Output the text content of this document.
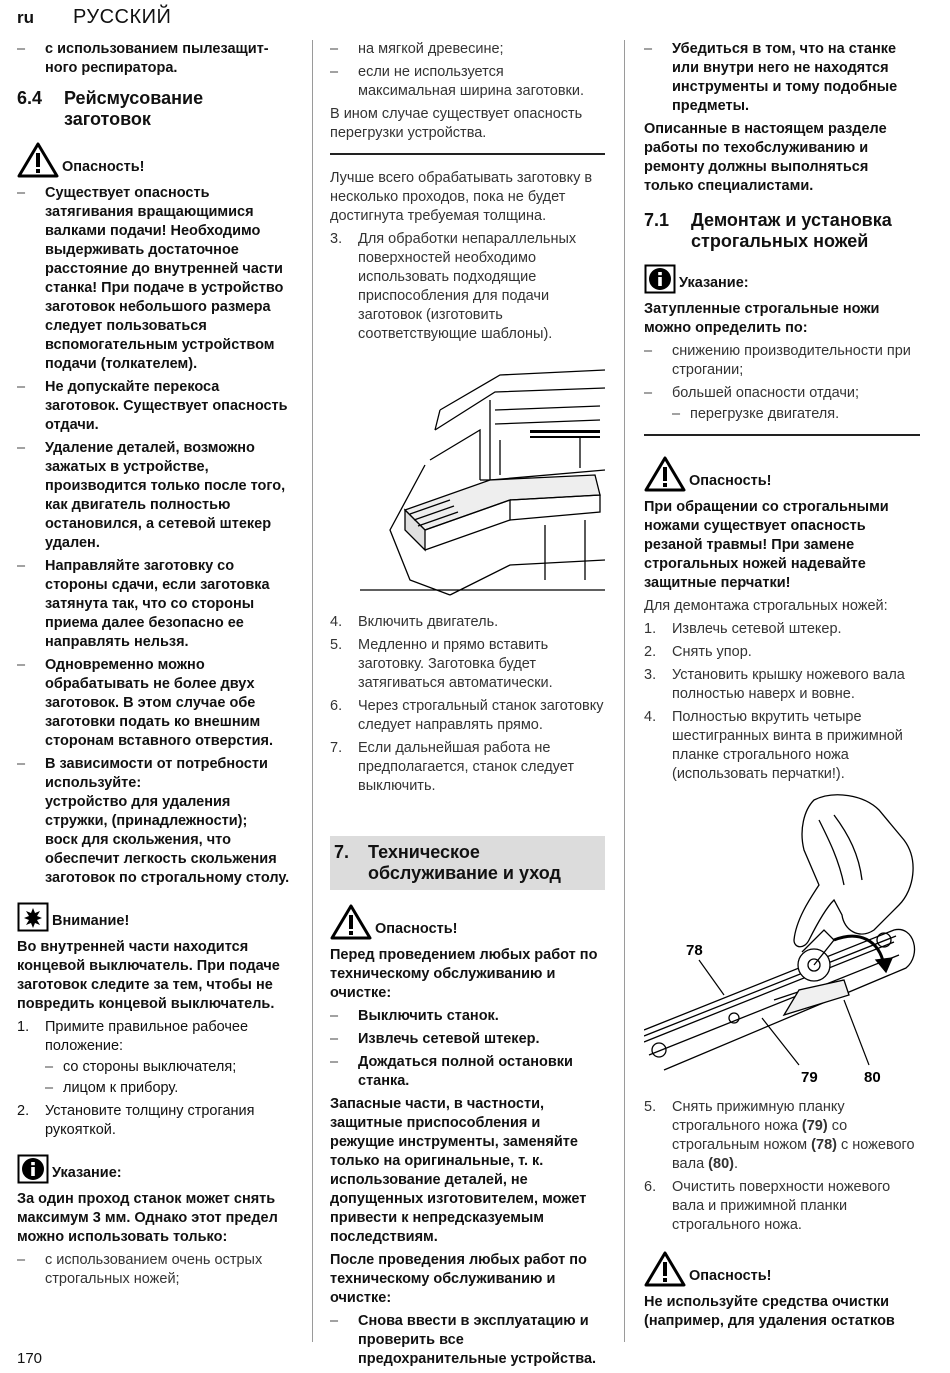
ru РУССКИЙ
– с использованием пылезащит-ного респиратора.
6.4	Рейсмусование заготовок
Опасность!
– Существует опасность затягивания вращающимися валками подачи! Необходимо выдерживать достаточное расстояние до внутренней части станка! При подаче в устройство заготовок небольшого размера следует пользоваться вспомогательным устройством подачи (толкателем).
– Не допускайте перекоса заготовок. Существует опасность отдачи.
– Удаление деталей, возможно зажатых в устройстве, производится только после того, как двигатель полностью остановился, а сетевой штекер удален.
– Направляйте заготовку со стороны сдачи, если заготовка затянута так, что со стороны приема далее безопасно ее направлять нельзя.
– Одновременно можно обрабатывать не более двух заготовок. В этом случае обе заготовки подать ко внешним сторонам вставного отверстия.
– В зависимости от потребности используйте:
устройство для удаления стружки, (принадлежности);
воск для скольжения, что обеспечит легкость скольжения заготовок по строгальному столу.
Внимание!

Во внутренней части находится концевой выключатель. При подаче заготовок следите за тем, чтобы не повредить концевой выключатель.

1. Примите правильное рабочее положение:
– со стороны выключателя;
– лицом к прибору.
2. Установите толщину строгания рукояткой.
Указание:

За один проход станок может снять максимум 3 мм. Однако этот предел можно использовать только:

– с использованием очень острых строгальных ножей;
– на мягкой древесине;
– если не используется максимальная ширина заготовки.

В ином случае существует опасность перегрузки устройства.

Лучше всего обрабатывать заготовку в несколько проходов, пока не будет достигнута требуемая толщина.

3. Для обработки непараллельных поверхностей необходимо использовать подходящие приспособления для подачи заготовок (изготовить соответствующие шаблоны).
4. Включить двигатель.
5. Медленно и прямо вставить заготовку. Заготовка будет затягиваться автоматически.
6. Через строгальный станок заготовку следует направлять прямо.
7. Если дальнейшая работа не предполагается, станок следует выключить.
7.	Техническое обслуживание и уход
Опасность!

Перед проведением любых работ по техническому обслуживанию и очистке:

– Выключить станок.
– Извлечь сетевой штекер.
– Дождаться полной остановки станка.

Запасные части, в частности, защитные приспособления и режущие инструменты, заменяйте только на оригинальные, т. к. использование деталей, не допущенных изготовителем, может привести к непредсказуемым последствиям.

После проведения любых работ по техническому обслуживанию и очистке:

– Снова ввести в эксплуатацию и проверить все предохранительные устройства.
– Убедиться в том, что на станке или внутри него не находятся инструменты и тому подобные предметы.

Описанные в настоящем разделе работы по техобслуживанию и ремонту должны выполняться только специалистами.

7.1	Демонтаж и установка строгальных ножей
Указание:

Затупленные строгальные ножи можно определить по:

– снижению производительности при строгании;
– большей опасности отдачи;
– перегрузке двигателя.
Опасность!

При обращении со строгальными ножами существует опасность резаной травмы! При замене строгальных ножей надевайте защитные перчатки!

Для демонтажа строгальных ножей:

1. Извлечь сетевой штекер.
2. Снять упор.
3. Установить крышку ножевого вала полностью наверх и вовне.
4. Полностью вкрутить четыре шестигранных винта в прижимной планке строгального ножа (использовать перчатки!).
78
79	80
5. Снять прижимную планку строгального ножа (79) со строгальным ножом (78) с ножевого вала (80).
6. Очистить поверхности ножевого вала и прижимной планки строгального ножа.
Опасность!

Не используйте средства очистки (например, для удаления остатков

170
